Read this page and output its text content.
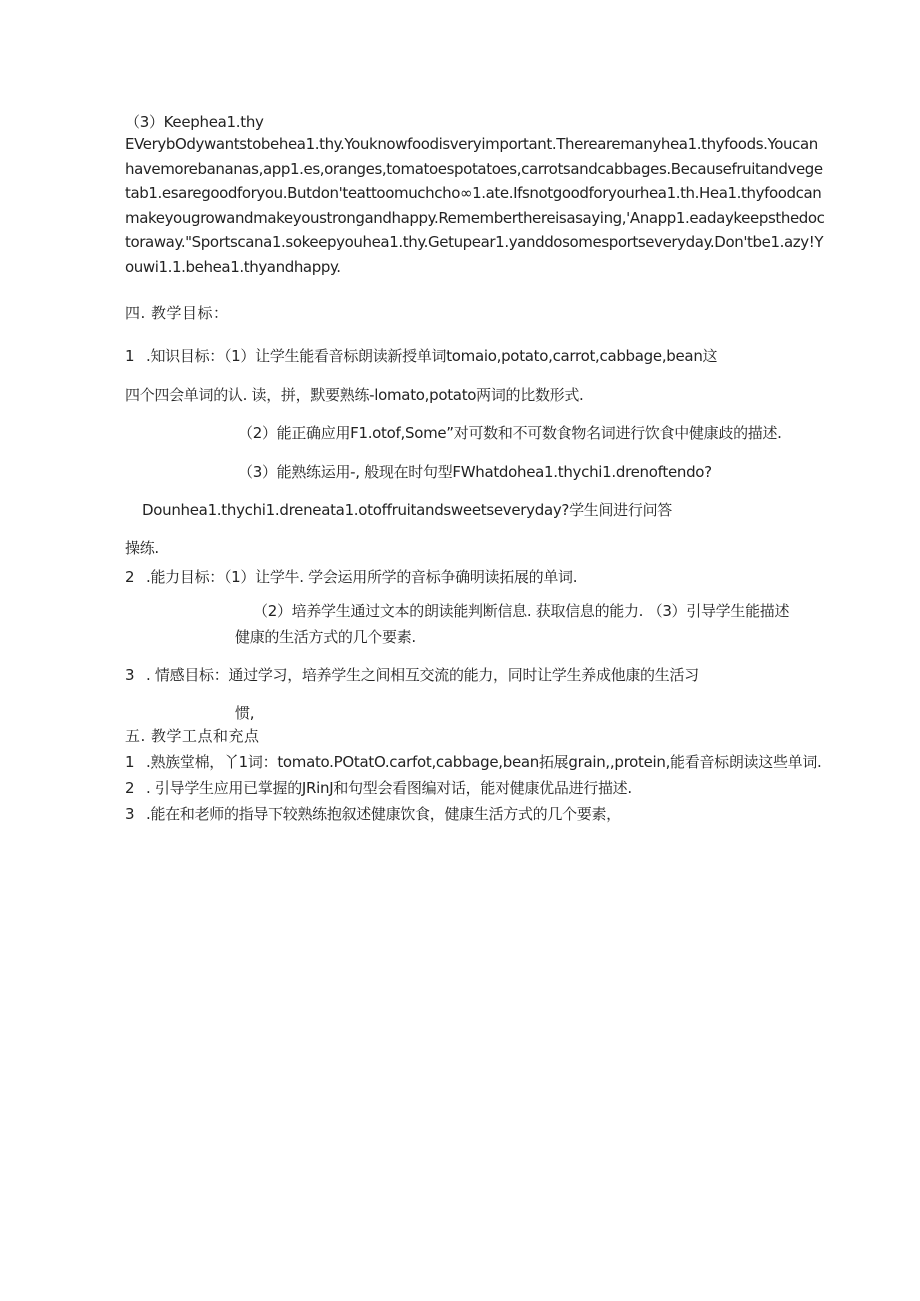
（3）Keephea1.thy
EVerybOdywantstobehea1.thy.Youknowfoodisveryimportant.Therearemanyhea1.thyfoods.Youcanhavemorebananas,app1.es,oranges,tomatoespotatoes,carrotsandcabbages.Becausefruitandvegetab1.esaregoodforyou.Butdon'teattoomuchcho∞1.ate.Ifsnotgoodforyourhea1.th.Hea1.thyfoodcanmakeyougrowandmakeyoustrongandhappy.Rememberthereisasaying,'Anapp1.eadaykeepsthedoctoraway."Sportscana1.sokeepyouhea1.thy.Getupear1.yanddosomesportseveryday.Don'tbe1.azy!Youwi1.1.behea1.thyandhappy.
四. 教学目标：
1 .知识目标：（1）让学生能看音标朗读新授单词tomaio,potato,carrot,cabbage,bean这
四个四会单词的认. 读，拼，默要熟练-lomato,potato两词的比数形式.
（2）能正确应用F1.otof,Some”对可数和不可数食物名词进行饮食中健康歧的描述.
（3）能熟练运用-, 般现在时句型FWhatdohea1.thychi1.drenoftendo?
Dounhea1.thychi1.dreneata1.otoffruitandsweetseveryday?学生间进行问答
操练.
2 .能力目标：（1）让学牛. 学会运用所学的音标争确明读拓展的单词.
（2）培养学生通过文本的朗读能判断信息. 获取信息的能力. （3）引导学生能描述
健康的生活方式的几个要素.
3 . 情感目标：通过学习，培养学生之间相互交流的能力，同时让学生养成他康的生活习
惯,
五. 教学工点和充点
1 .熟族堂棉，丫1词：tomato.POtatO.carfot,cabbage,bean拓展grain,,protein,能看音标朗读这些单词.
2 . 引导学生应用已掌握的JRinJ和句型会看图编对话，能对健康优品进行描述.
3 .能在和老师的指导下较熟练抱叙述健康饮食，健康生活方式的几个要素，
